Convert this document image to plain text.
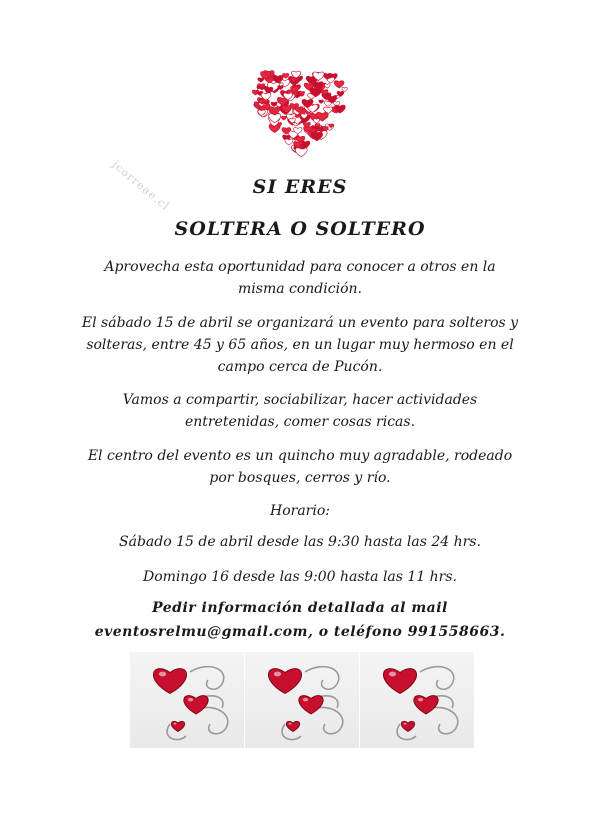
jcorreae.cl	SI ERES
SOLTERA O SOLTERO
Aprovecha esta oportunidad para conocer a otros en la misma condición.
El sábado 15 de abril se organizará un evento para solteros y solteras, entre 45 y 65 años, en un lugar muy hermoso en el campo cerca de Pucón.
Vamos a compartir, sociabilizar, hacer actividades entretenidas, comer cosas ricas.
El centro del evento es un quincho muy agradable, rodeado por bosques, cerros y río.
Horario:
Sábado 15 de abril desde las 9:30 hasta las 24 hrs.
Domingo 16 desde las 9:00 hasta las 11 hrs.
Pedir información detallada al mail
eventosrelmu@gmail.com, o teléfono 991558663.
